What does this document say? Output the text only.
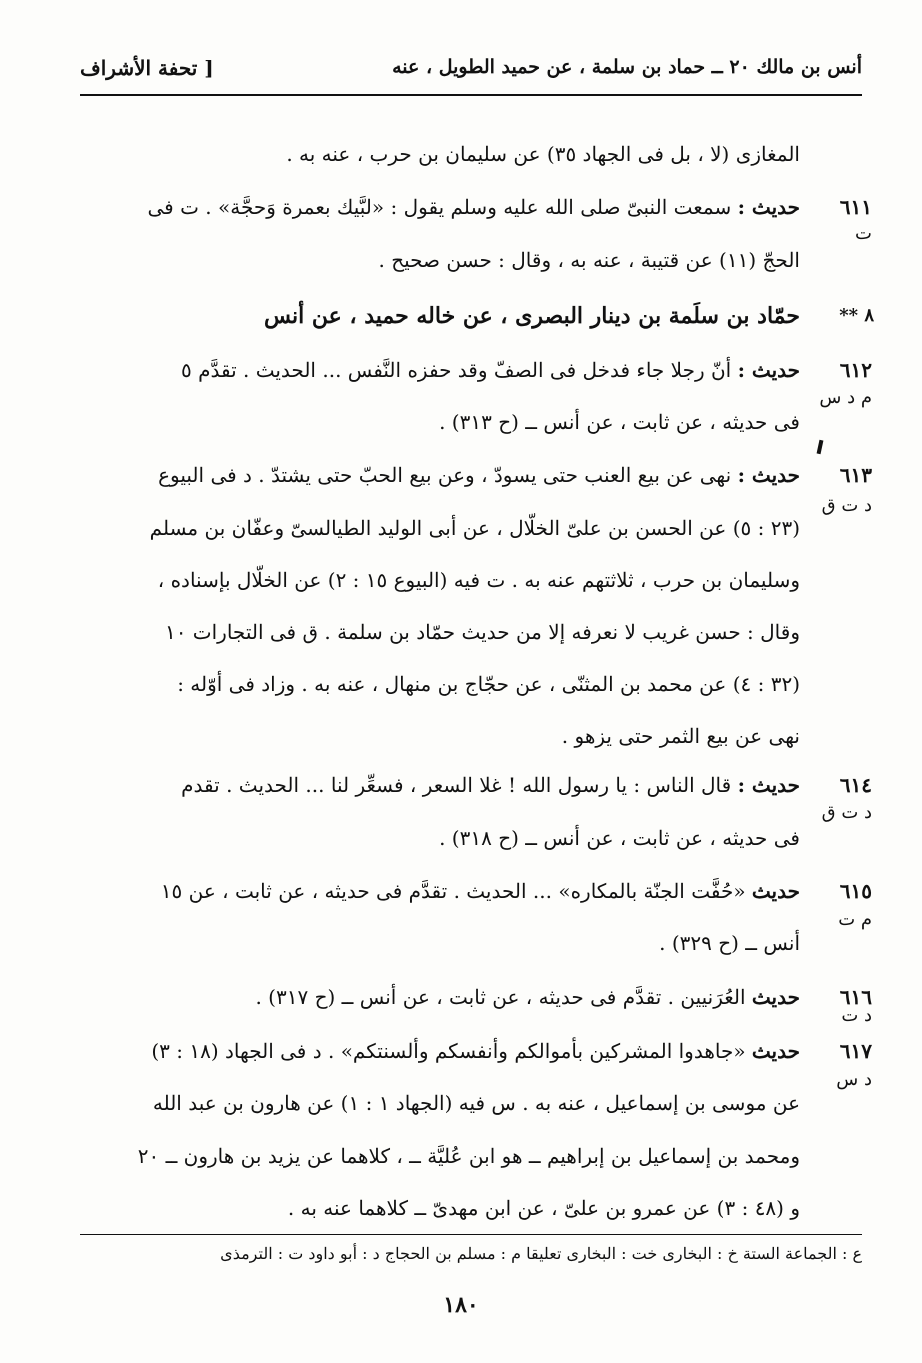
أنس بن مالك ٢٠ ــ حماد بن سلمة ، عن حميد الطويل ، عنه
[ تحفة الأشراف
المغازى (لا ، بل فى الجهاد ٣٥) عن سليمان بن حرب ، عنه به .
٦١١
ت
حديث : سمعت النبىّ صلى الله عليه وسلم يقول : «لبَّيك بعمرة وَحجَّة» . ت فى
الحجّ (١١) عن قتيبة ، عنه به ، وقال : حسن صحيح .
٨ **
حمّاد بن سلَمة بن دينار البصرى ، عن خاله حميد ، عن أنس
٦١٢
م د س
حديث : أنّ رجلا جاء فدخل فى الصفّ وقد حفزه النَّفس ... الحديث . تقدَّم ٥
فى حديثه ، عن ثابت ، عن أنس ــ (ح ٣١٣) .
٦١٣
د ت ق
حديث : نهى عن بيع العنب حتى يسودّ ، وعن بيع الحبّ حتى يشتدّ . د فى البيوع
(٢٣ : ٥) عن الحسن بن علىّ الخلّال ، عن أبى الوليد الطيالسىّ وعفّان بن مسلم
وسليمان بن حرب ، ثلاثتهم عنه به . ت فيه (البيوع ١٥ : ٢) عن الخلّال بإسناده ،
وقال : حسن غريب لا نعرفه إلا من حديث حمّاد بن سلمة . ق فى التجارات ١٠
(٣٢ : ٤) عن محمد بن المثنّى ، عن حجّاج بن منهال ، عنه به . وزاد فى أوّله :
نهى عن بيع الثمر حتى يزهو .
٦١٤
د ت ق
حديث : قال الناس : يا رسول الله ! غلا السعر ، فسعِّر لنا ... الحديث . تقدم
فى حديثه ، عن ثابت ، عن أنس ــ (ح ٣١٨) .
٦١٥
م ت
حديث «حُفَّت الجنّة بالمكاره» ... الحديث . تقدَّم فى حديثه ، عن ثابت ، عن ١٥
أنس ــ (ح ٣٢٩) .
٦١٦
د ت
حديث العُرَنيين . تقدَّم فى حديثه ، عن ثابت ، عن أنس ــ (ح ٣١٧) .
٦١٧
د س
حديث «جاهدوا المشركين بأموالكم وأنفسكم وألسنتكم» . د فى الجهاد (١٨ : ٣)
عن موسى بن إسماعيل ، عنه به . س فيه (الجهاد ١ : ١) عن هارون بن عبد الله
ومحمد بن إسماعيل بن إبراهيم ــ هو ابن عُليَّة ــ ، كلاهما عن يزيد بن هارون ــ ٢٠
و (٤٨ : ٣) عن عمرو بن علىّ ، عن ابن مهدىّ ــ كلاهما عنه به .
ع : الجماعة الستة خ : البخارى خت : البخارى تعليقا م : مسلم بن الحجاج د : أبو داود ت : الترمذى
١٨٠
